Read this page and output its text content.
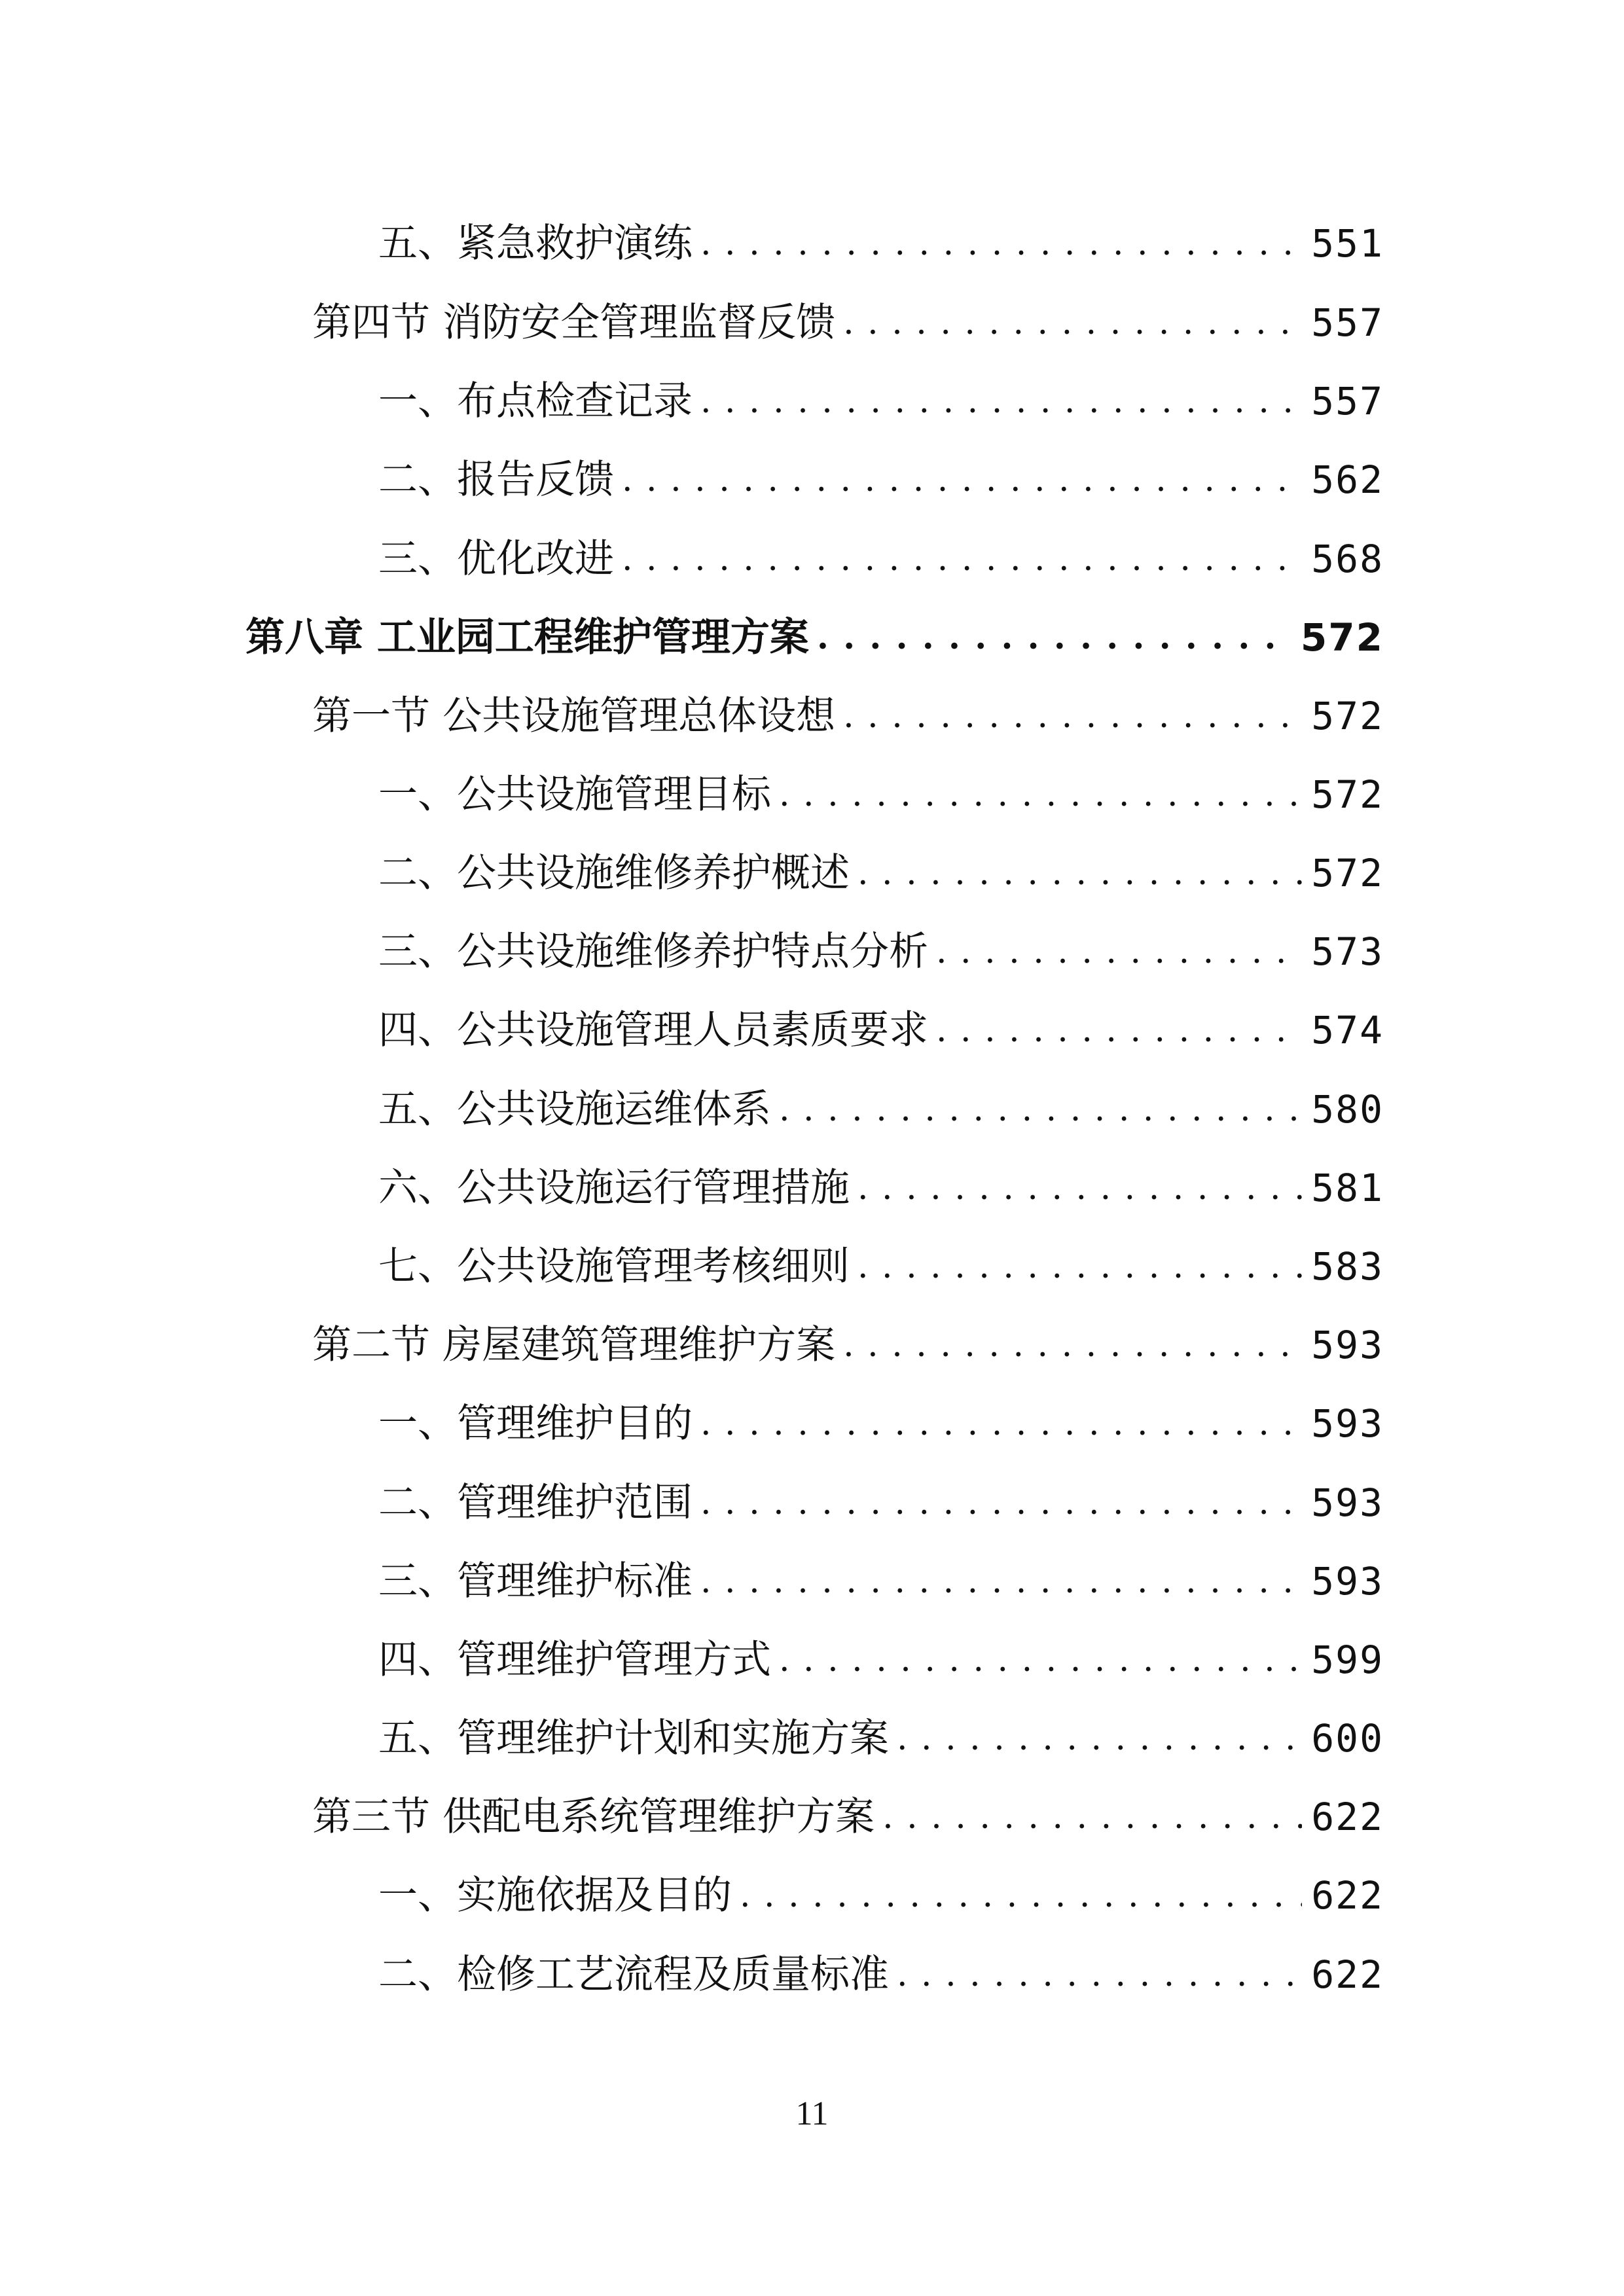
五、紧急救护演练 . . .	551
第四节 消防安全管理监督反馈 . . .	557
一、布点检查记录 . . .	557
二、报告反馈 . . .	562
三、优化改进 . . .	568
第八章 工业园工程维护管理方案 . . .	572
第一节 公共设施管理总体设想 . . .	572
一、公共设施管理目标 . . .	572
二、公共设施维修养护概述 . . .	572
三、公共设施维修养护特点分析 . . .	573
四、公共设施管理人员素质要求 . . .	574
五、公共设施运维体系 . . .	580
六、公共设施运行管理措施 . . .	581
七、公共设施管理考核细则 . . .	583
第二节 房屋建筑管理维护方案 . . .	593
一、管理维护目的 . . .	593
二、管理维护范围 . . .	593
三、管理维护标准 . . .	593
四、管理维护管理方式 . . .	599
五、管理维护计划和实施方案 . . .	600
第三节 供配电系统管理维护方案 . . .	622
一、实施依据及目的 . . .	622
二、检修工艺流程及质量标准 . . .	622
11
